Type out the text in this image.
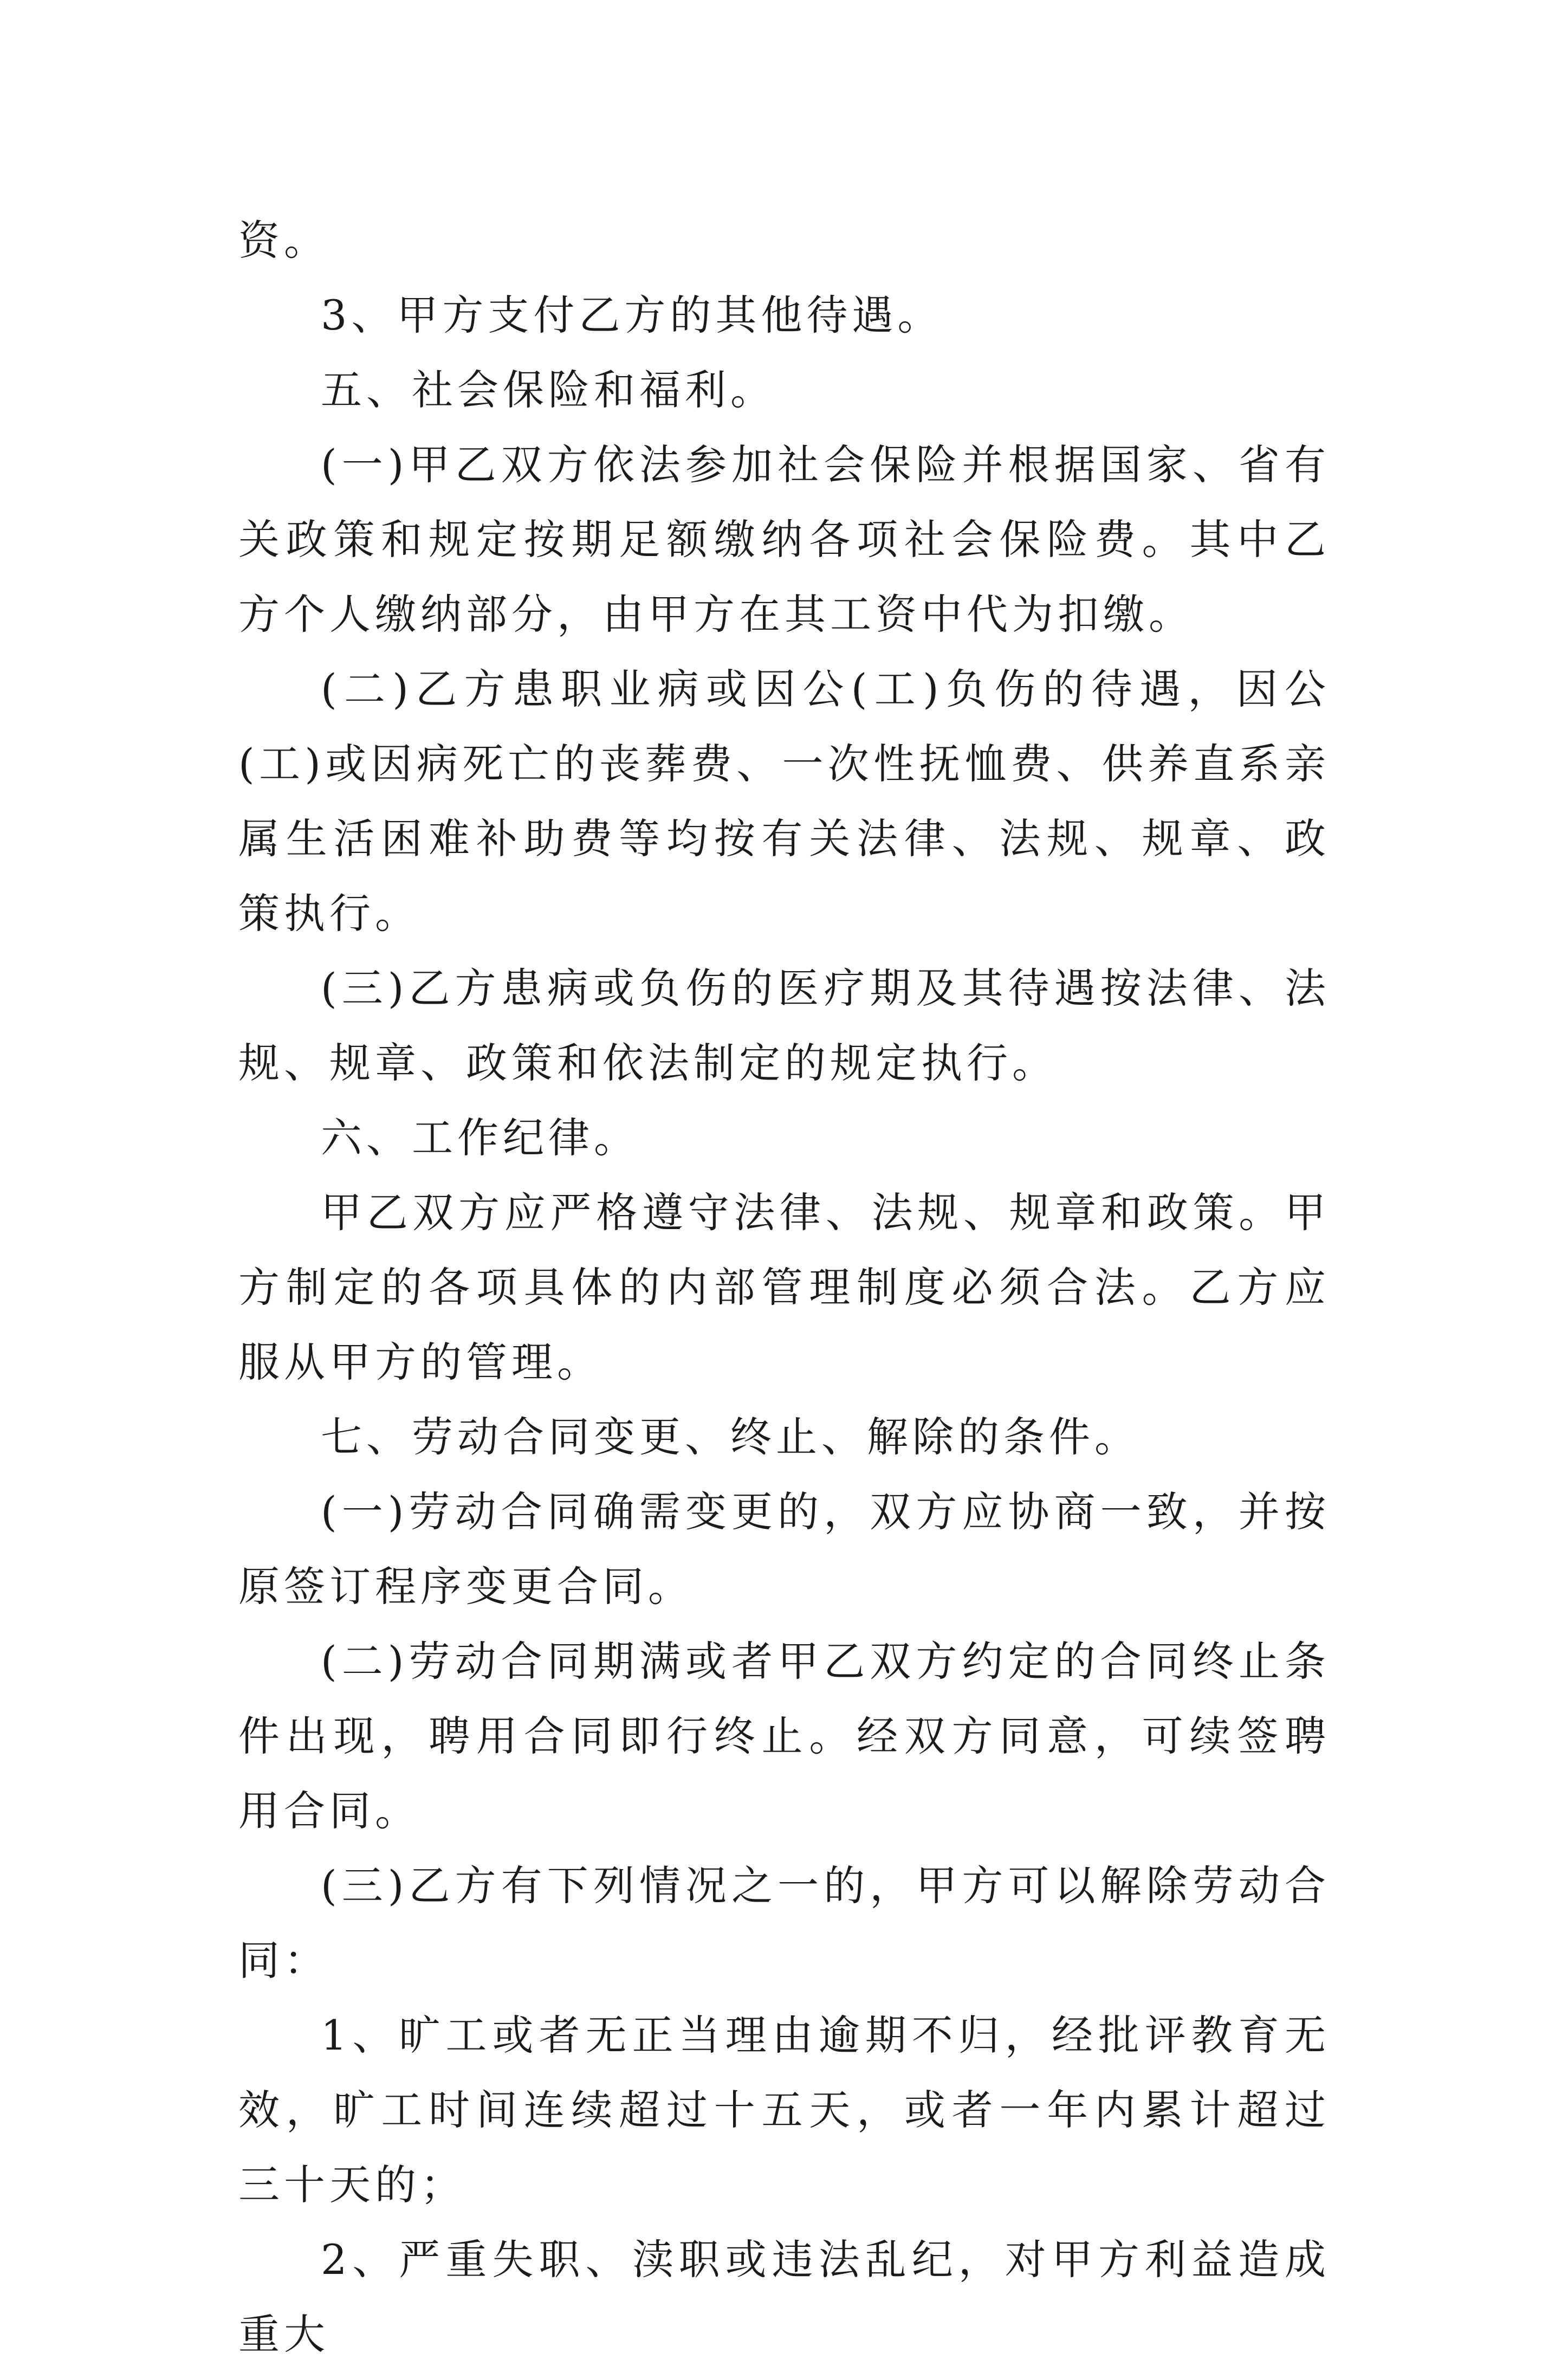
资。

3、甲方支付乙方的其他待遇。

五、社会保险和福利。

(一)甲乙双方依法参加社会保险并根据国家、省有关政策和规定按期足额缴纳各项社会保险费。其中乙方个人缴纳部分，由甲方在其工资中代为扣缴。

(二)乙方患职业病或因公(工)负伤的待遇，因公(工)或因病死亡的丧葬费、一次性抚恤费、供养直系亲属生活困难补助费等均按有关法律、法规、规章、政策执行。

(三)乙方患病或负伤的医疗期及其待遇按法律、法规、规章、政策和依法制定的规定执行。

六、工作纪律。

甲乙双方应严格遵守法律、法规、规章和政策。甲方制定的各项具体的内部管理制度必须合法。乙方应服从甲方的管理。

七、劳动合同变更、终止、解除的条件。

(一)劳动合同确需变更的，双方应协商一致，并按原签订程序变更合同。

(二)劳动合同期满或者甲乙双方约定的合同终止条件出现，聘用合同即行终止。经双方同意，可续签聘用合同。

(三)乙方有下列情况之一的，甲方可以解除劳动合同：

1、旷工或者无正当理由逾期不归，经批评教育无效，旷工时间连续超过十五天，或者一年内累计超过三十天的；

2、严重失职、渎职或违法乱纪，对甲方利益造成重大
